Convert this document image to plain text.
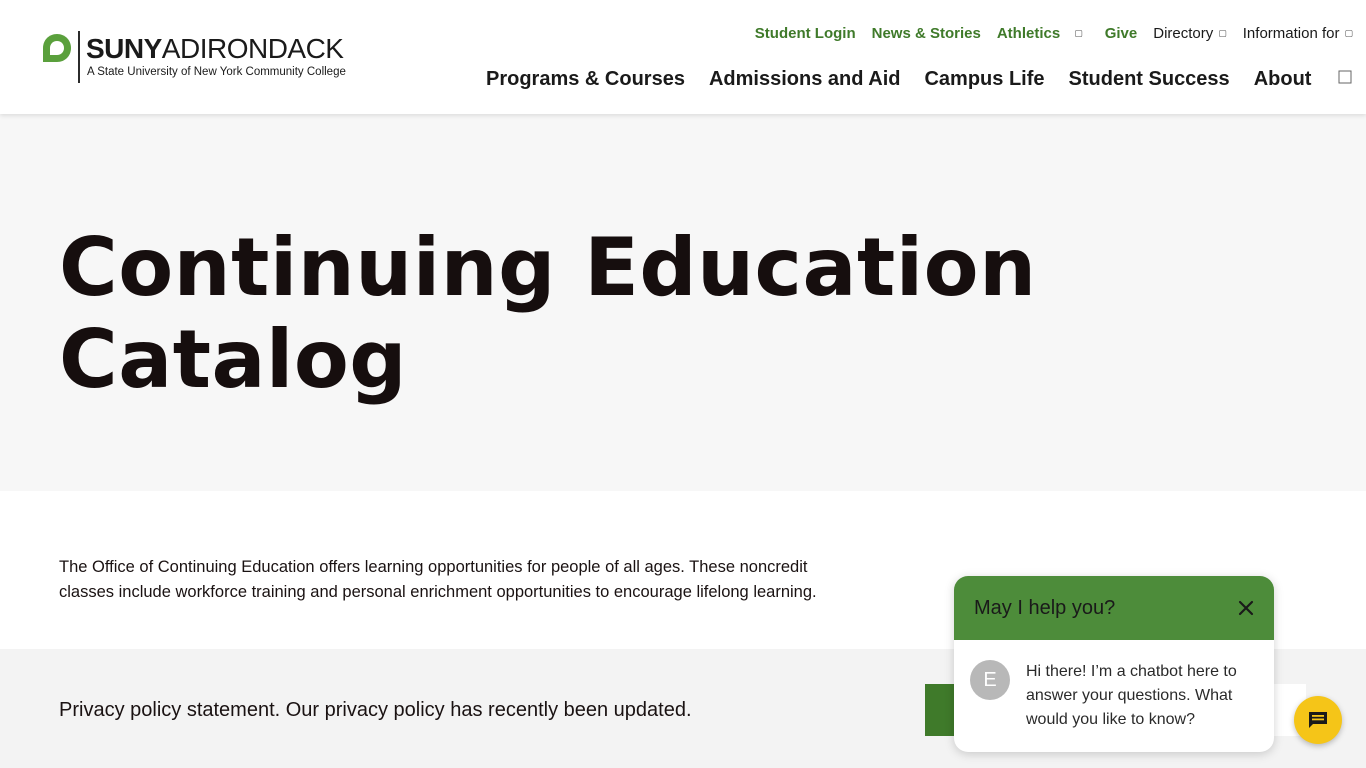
SUNYADIRONDACK
A State University of New York Community College
Student Login News & Stories Athletics ▢ Give Directory ▢ Information for ▢
Programs & Courses Admissions and Aid Campus Life Student Success About
Continuing Education Catalog

The Office of Continuing Education offers learning opportunities for people of all ages. These noncredit classes include workforce training and personal enrichment opportunities to encourage lifelong learning.

Privacy policy statement. Our privacy policy has recently been updated.
May I help you?
E	Hi there! I’m a chatbot here to answer your questions. What would you like to know?
